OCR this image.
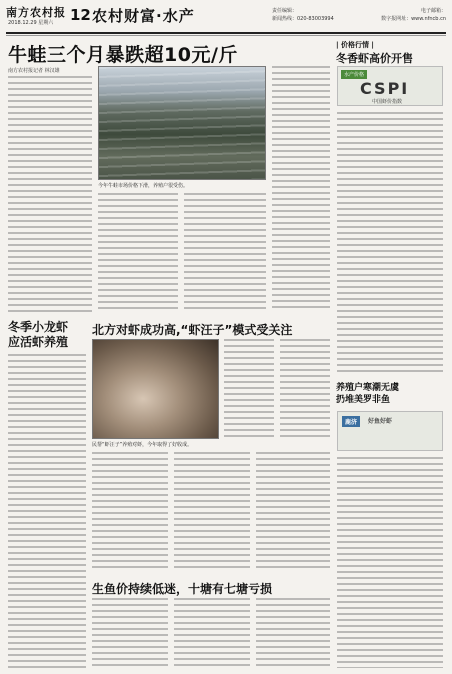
南方农村报
2018.12.29 星期六 12 农村财富·水产	责任编辑：
新闻热线：020-83003994
电子邮箱：
数字报网址：www.nfncb.cn
牛蛙三个月暴跌超10元/斤
南方农村报记者 林汉雄
今年牛蛙市场价格下滑，养殖户很受伤。
| 价格行情 |
冬香虾高价开售
水产价格
CSPI
中国虾价指数
冬季小龙虾
应活虾养殖
北方对虾成功高,“虾汪子”模式受关注
民帮“虾汪子”养殖对虾，今年取得了好收成。
养殖户寒潮无虞
扔堆美罗非鱼
鹿济	好鱼好虾
生鱼价持续低迷，十塘有七塘亏损
